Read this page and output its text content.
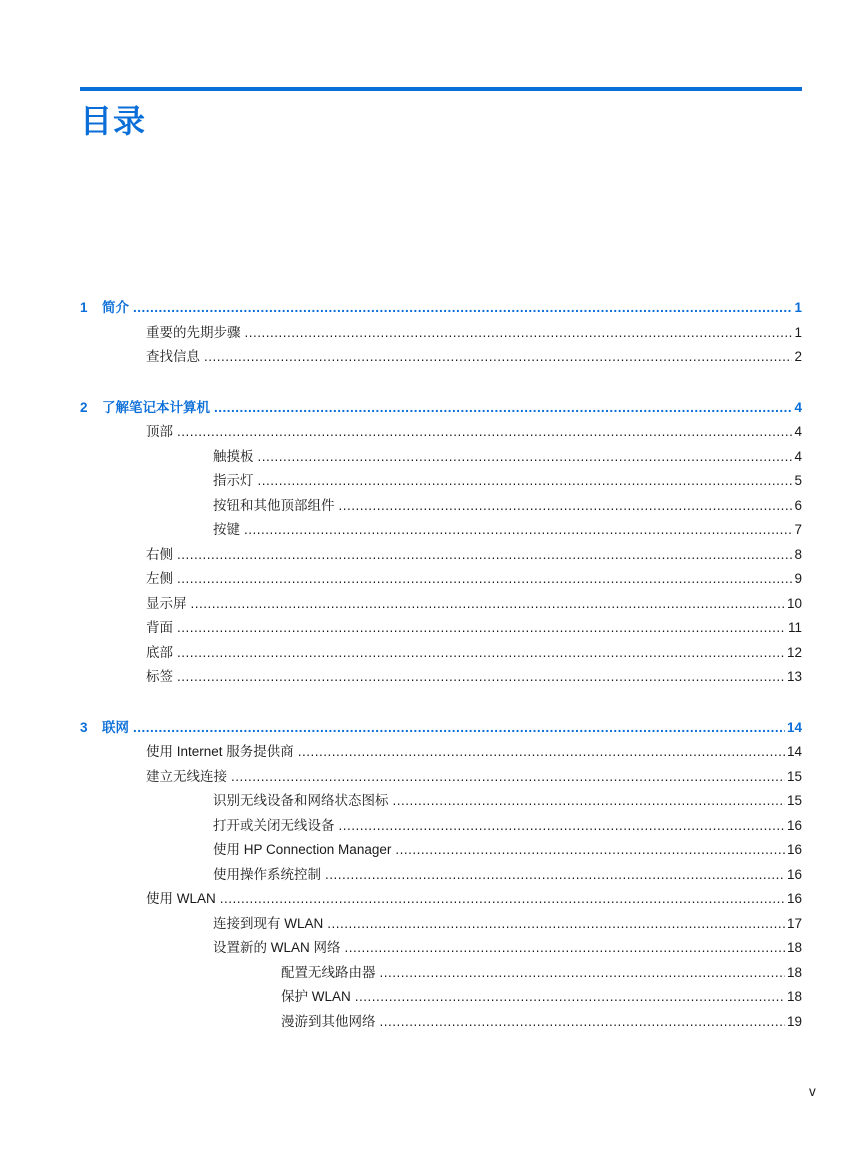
目录
1	简介 .....	1
重要的先期步骤 .....	1
查找信息 .....	2
2	了解笔记本计算机 .....	4
顶部 .....	4
触摸板 .....	4
指示灯 .....	5
按钮和其他顶部组件 .....	6
按键 .....	7
右侧 .....	8
左侧 .....	9
显示屏 .....	10
背面 .....	11
底部 .....	12
标签 .....	13
3	联网 .....	14
使用 Internet 服务提供商 .....	14
建立无线连接 .....	15
识别无线设备和网络状态图标 .....	15
打开或关闭无线设备 .....	16
使用 HP Connection Manager .....	16
使用操作系统控制 .....	16
使用 WLAN .....	16
连接到现有 WLAN .....	17
设置新的 WLAN 网络 .....	18
配置无线路由器 .....	18
保护 WLAN .....	18
漫游到其他网络 .....	19
v
